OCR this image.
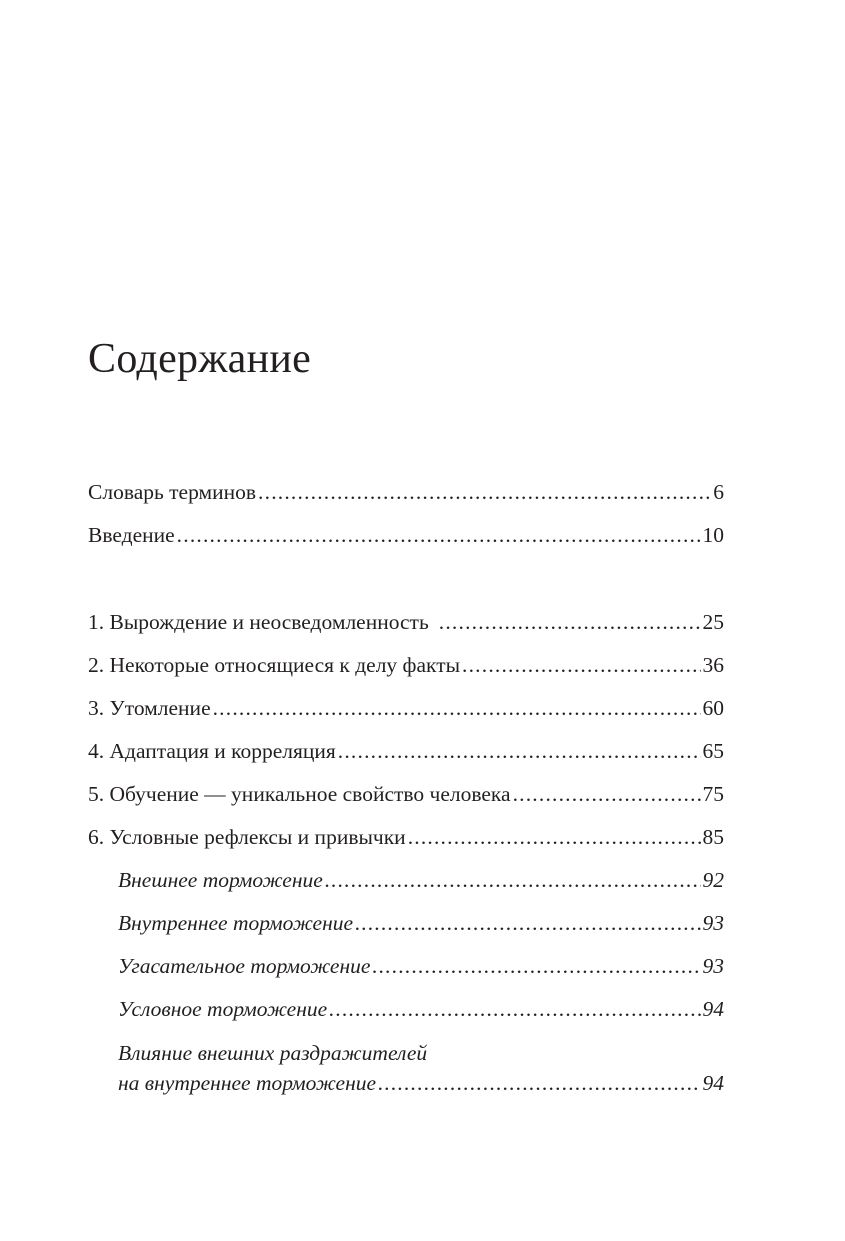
Содержание
Словарь терминов .....	6
Введение .....	10
1. Вырождение и неосведомленность .....	25
2. Некоторые относящиеся к делу факты .....	36
3. Утомление .....	60
4. Адаптация и корреляция .....	65
5. Обучение — уникальное свойство человека .....	75
6. Условные рефлексы и привычки .....	85
Внешнее торможение .....	92
Внутреннее торможение .....	93
Угасательное торможение .....	93
Условное торможение .....	94
Влияние внешних раздражителей
на внутреннее торможение .....	94
